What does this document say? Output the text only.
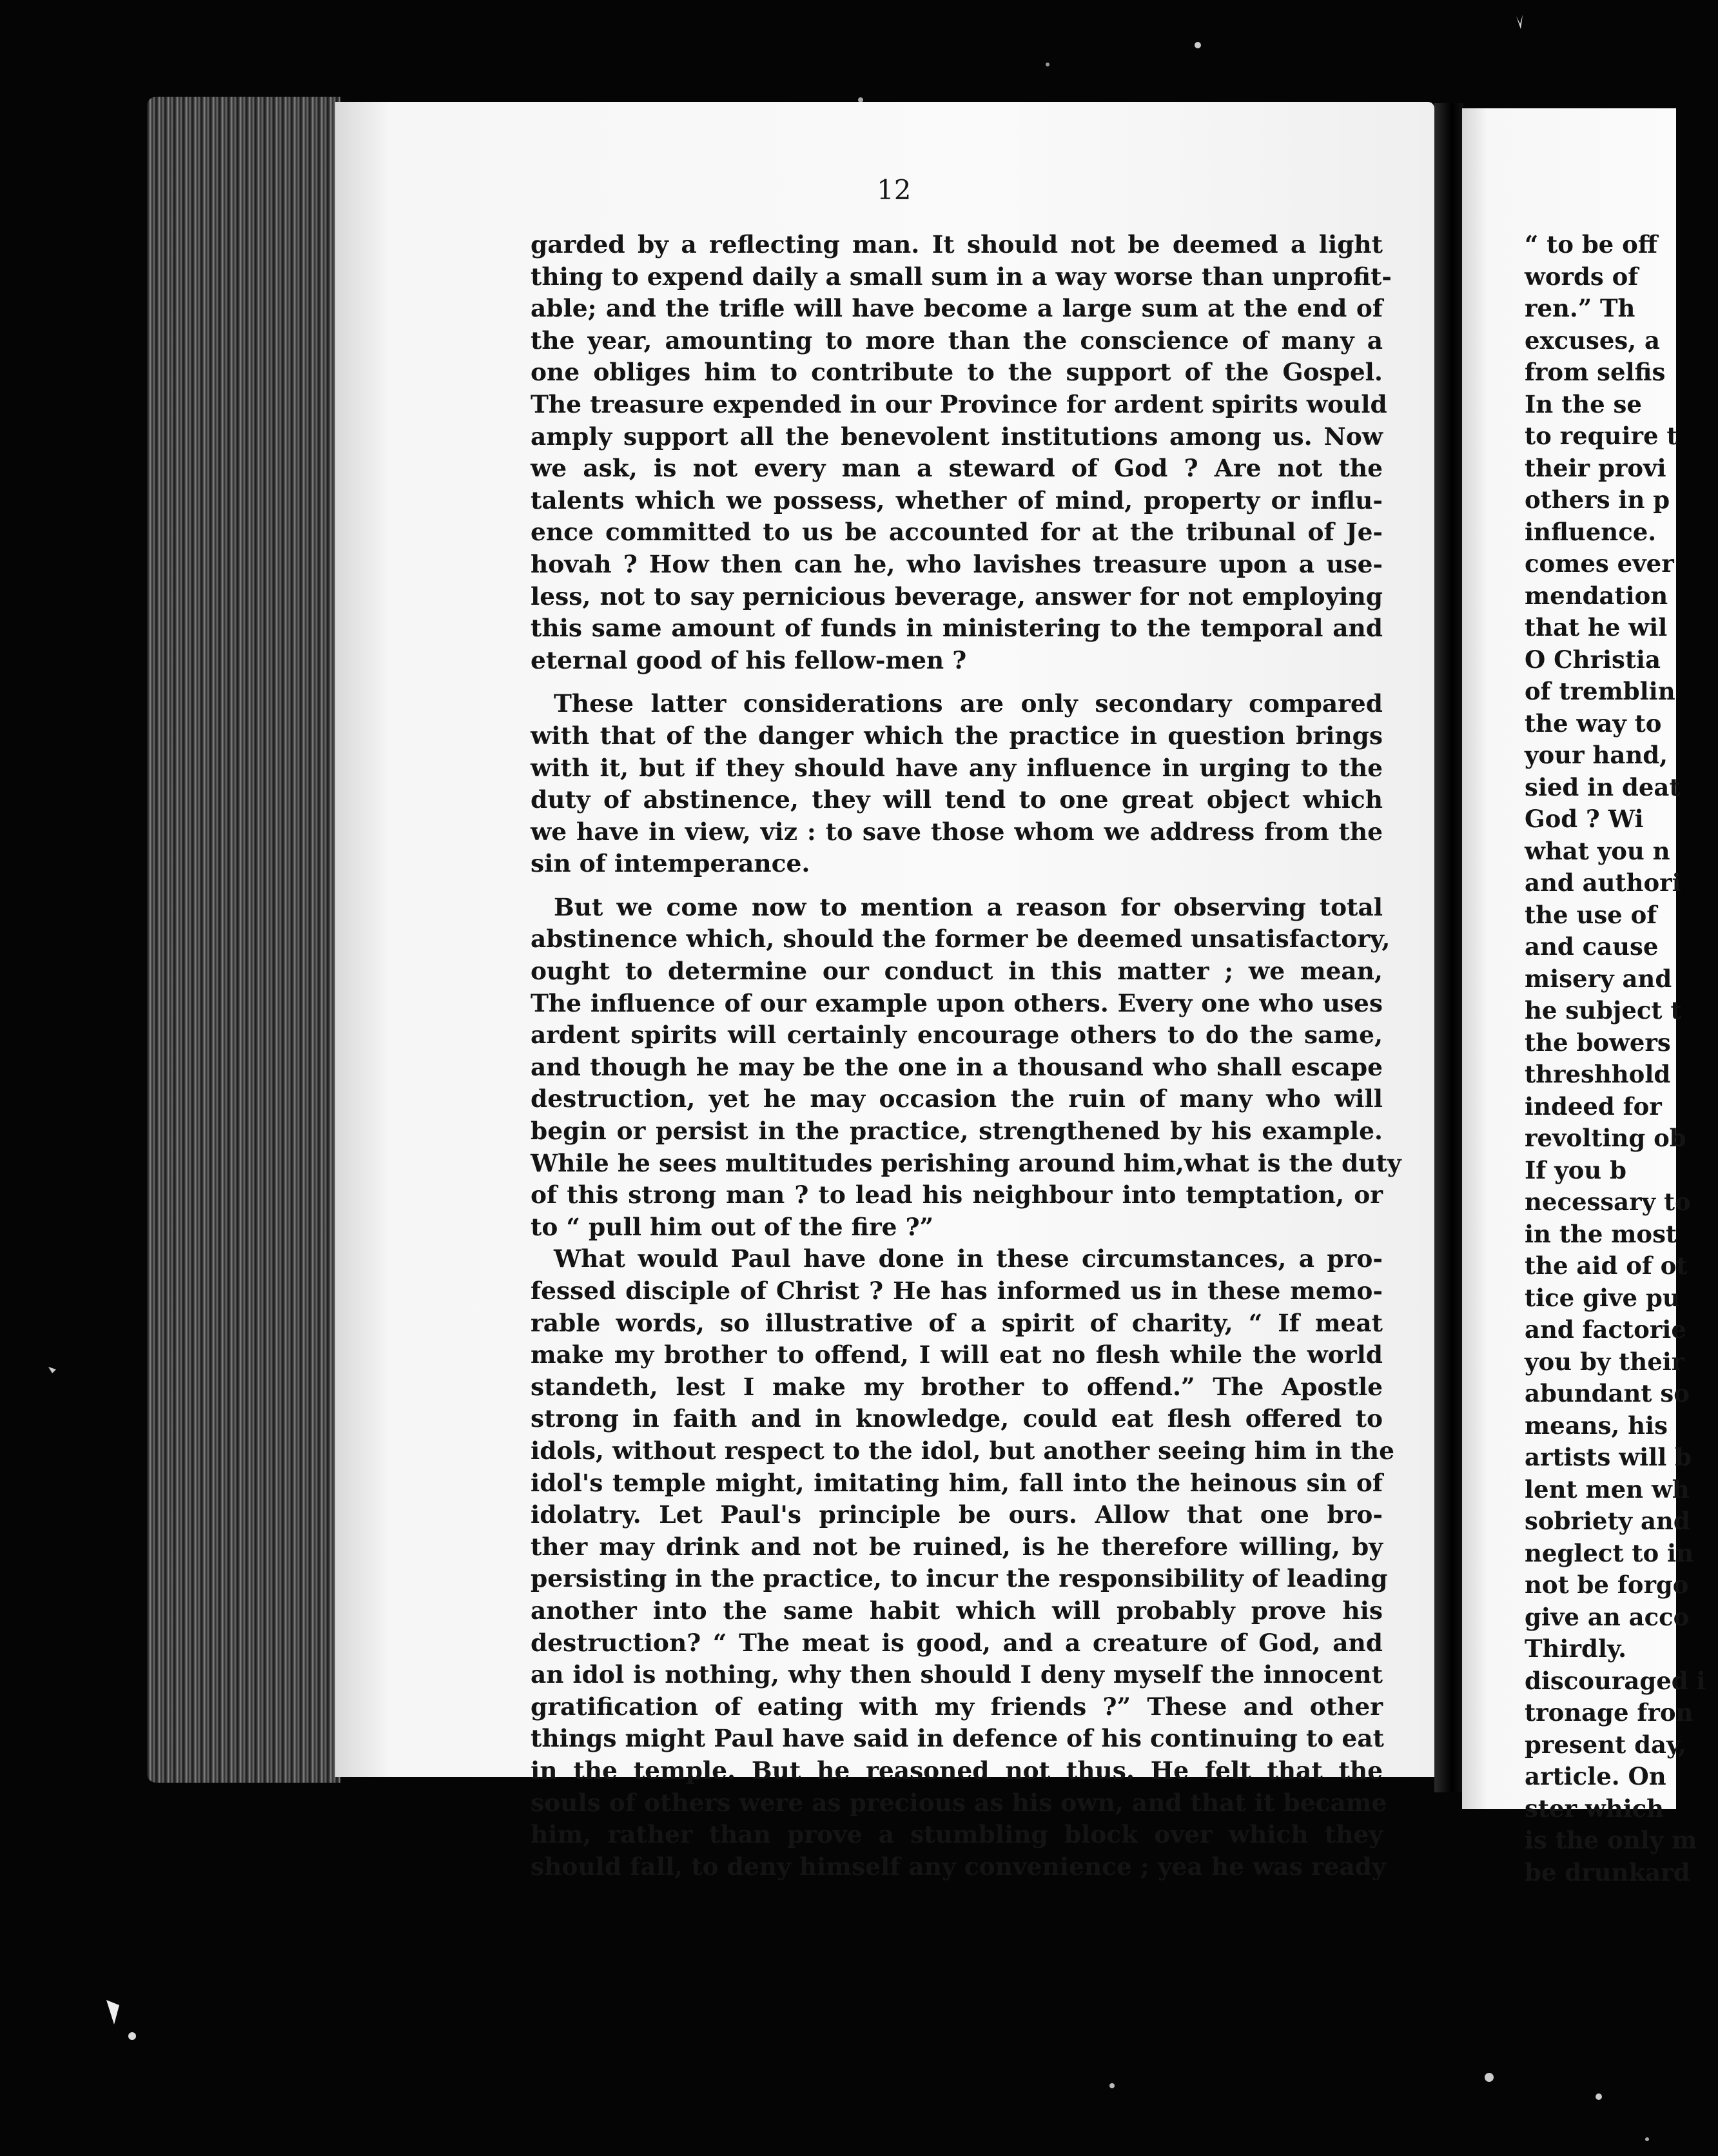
12

garded by a reflecting man. It should not be deemed a light
thing to expend daily a small sum in a way worse than unprofit-
able; and the trifle will have become a large sum at the end of
the year, amounting to more than the conscience of many a
one obliges him to contribute to the support of the Gospel.
The treasure expended in our Province for ardent spirits would
amply support all the benevolent institutions among us. Now
we ask, is not every man a steward of God ? Are not the
talents which we possess, whether of mind, property or influ-
ence committed to us be accounted for at the tribunal of Je-
hovah ? How then can he, who lavishes treasure upon a use-
less, not to say pernicious beverage, answer for not employing
this same amount of funds in ministering to the temporal and
eternal good of his fellow-men ?

These latter considerations are only secondary compared
with that of the danger which the practice in question brings
with it, but if they should have any influence in urging to the
duty of abstinence, they will tend to one great object which
we have in view, viz : to save those whom we address from the
sin of intemperance.

But we come now to mention a reason for observing total
abstinence which, should the former be deemed unsatisfactory,
ought to determine our conduct in this matter ; we mean,
The influence of our example upon others. Every one who uses
ardent spirits will certainly encourage others to do the same,
and though he may be the one in a thousand who shall escape
destruction, yet he may occasion the ruin of many who will
begin or persist in the practice, strengthened by his example.
While he sees multitudes perishing around him,what is the duty
of this strong man ? to lead his neighbour into temptation, or
to “ pull him out of the fire ?”

What would Paul have done in these circumstances, a pro-
fessed disciple of Christ ? He has informed us in these memo-
rable words, so illustrative of a spirit of charity, “ If meat
make my brother to offend, I will eat no flesh while the world
standeth, lest I make my brother to offend.” The Apostle
strong in faith and in knowledge, could eat flesh offered to
idols, without respect to the idol, but another seeing him in the
idol's temple might, imitating him, fall into the heinous sin of
idolatry. Let Paul's principle be ours. Allow that one bro-
ther may drink and not be ruined, is he therefore willing, by
persisting in the practice, to incur the responsibility of leading
another into the same habit which will probably prove his
destruction? “ The meat is good, and a creature of God, and
an idol is nothing, why then should I deny myself the innocent
gratification of eating with my friends ?” These and other
things might Paul have said in defence of his continuing to eat
in the temple. But he reasoned not thus. He felt that the
souls of others were as precious as his own, and that it became
him, rather than prove a stumbling block over which they
should fall, to deny himself any convenience ; yea he was ready

“ to be off
words of
ren.” Th
excuses, a
from selfis
In the se
to require t
their provi
others in p
influence.
comes ever
mendation
that he wil
O Christia
of tremblin
the way to
your hand,
sied in deat
God ? Wi
what you n
and authori
the use of
and cause
misery and
he subject t
the bowers
threshhold
indeed for
revolting ob
If you b
necessary to
in the most
the aid of ot
tice give pu
and factorie
you by their
abundant so
means, his
artists will b
lent men wh
sobriety and
neglect to in
not be forgo
give an acco
Thirdly.
discouraged i
tronage fron
present day,
article. On
ster which
is the only m
be drunkard
